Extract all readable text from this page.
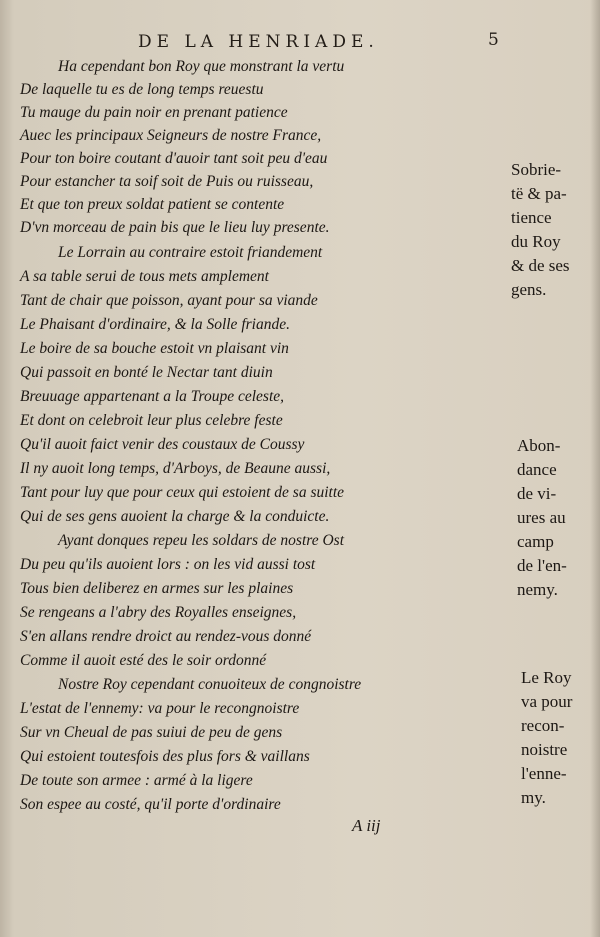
DE LA HENRIADE.	5
Ha cependant bon Roy que monstrant la vertu
De laquelle tu es de long temps reuestu
Tu mauge du pain noir en prenant patience
Auec les principaux Seigneurs de nostre France,
Pour ton boire coutant d'auoir tant soit peu d'eau
Pour estancher ta soif soit de Puis ou ruisseau,
Et que ton preux soldat patient se contente
D'vn morceau de pain bis que le lieu luy presente.
Le Lorrain au contraire estoit friandement
A sa table serui de tous mets amplement
Tant de chair que poisson, ayant pour sa viande
Le Phaisant d'ordinaire, & la Solle friande.
Le boire de sa bouche estoit vn plaisant vin
Qui passoit en bonté le Nectar tant diuin
Breuuage appartenant a la Troupe celeste,
Et dont on celebroit leur plus celebre feste
Qu'il auoit faict venir des coustaux de Coussy
Il ny auoit long temps, d'Arboys, de Beaune aussi,
Tant pour luy que pour ceux qui estoient de sa suitte
Qui de ses gens auoient la charge & la conduicte.
Ayant donques repeu les soldars de nostre Ost
Du peu qu'ils auoient lors : on les vid aussi tost
Tous bien deliberez en armes sur les plaines
Se rengeans a l'abry des Royalles enseignes,
S'en allans rendre droict au rendez-vous donné
Comme il auoit esté des le soir ordonné
Nostre Roy cependant conuoiteux de congnoistre
L'estat de l'ennemy: va pour le recongnoistre
Sur vn Cheual de pas suiui de peu de gens
Qui estoient toutesfois des plus fors & vaillans
De toute son armee : armé à la ligere
Son espee au costé, qu'il porte d'ordinaire
Sobrie-
të & pa-
tience
du Roy
& de ses
gens.
Abon-
dance
de vi-
ures au
camp
de l'en-
nemy.
Le Roy
va pour
recon-
noistre
l'enne-
my.
A iij
